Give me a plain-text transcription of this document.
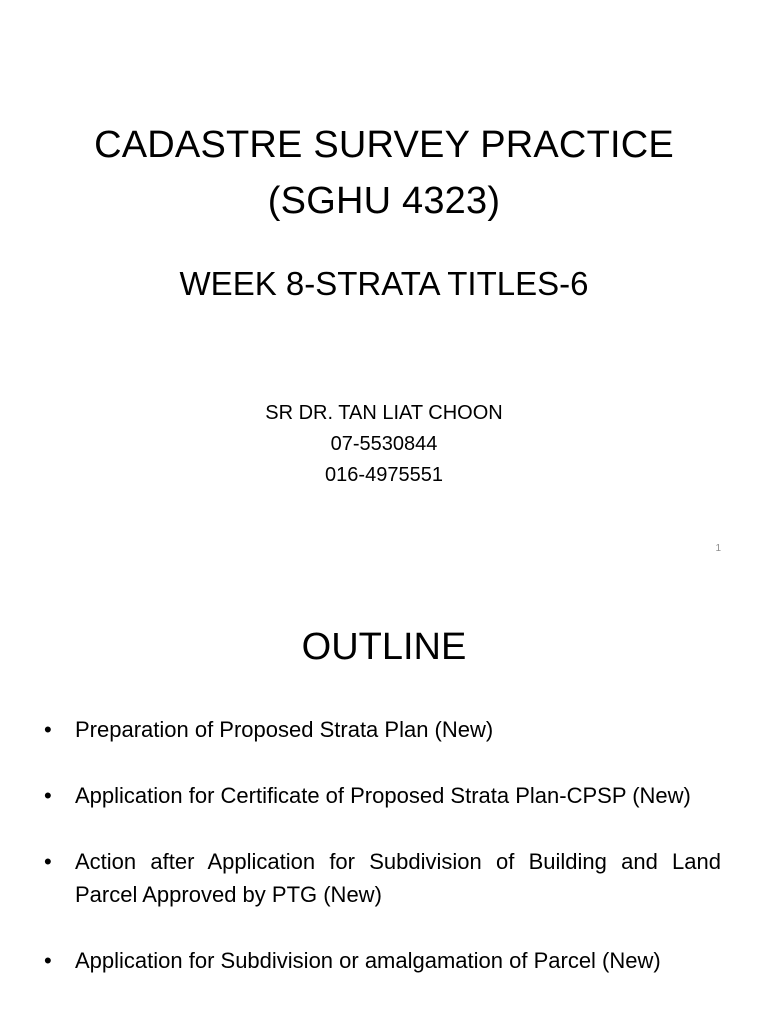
CADASTRE SURVEY PRACTICE
(SGHU 4323)
WEEK 8-STRATA TITLES-6
SR DR. TAN LIAT CHOON
07-5530844
016-4975551
1
OUTLINE
• Preparation of Proposed Strata Plan (New)
• Application for Certificate of Proposed Strata Plan-CPSP (New)
• Action after Application for Subdivision of Building and Land Parcel Approved by PTG (New)
• Application for Subdivision or amalgamation of Parcel (New)
